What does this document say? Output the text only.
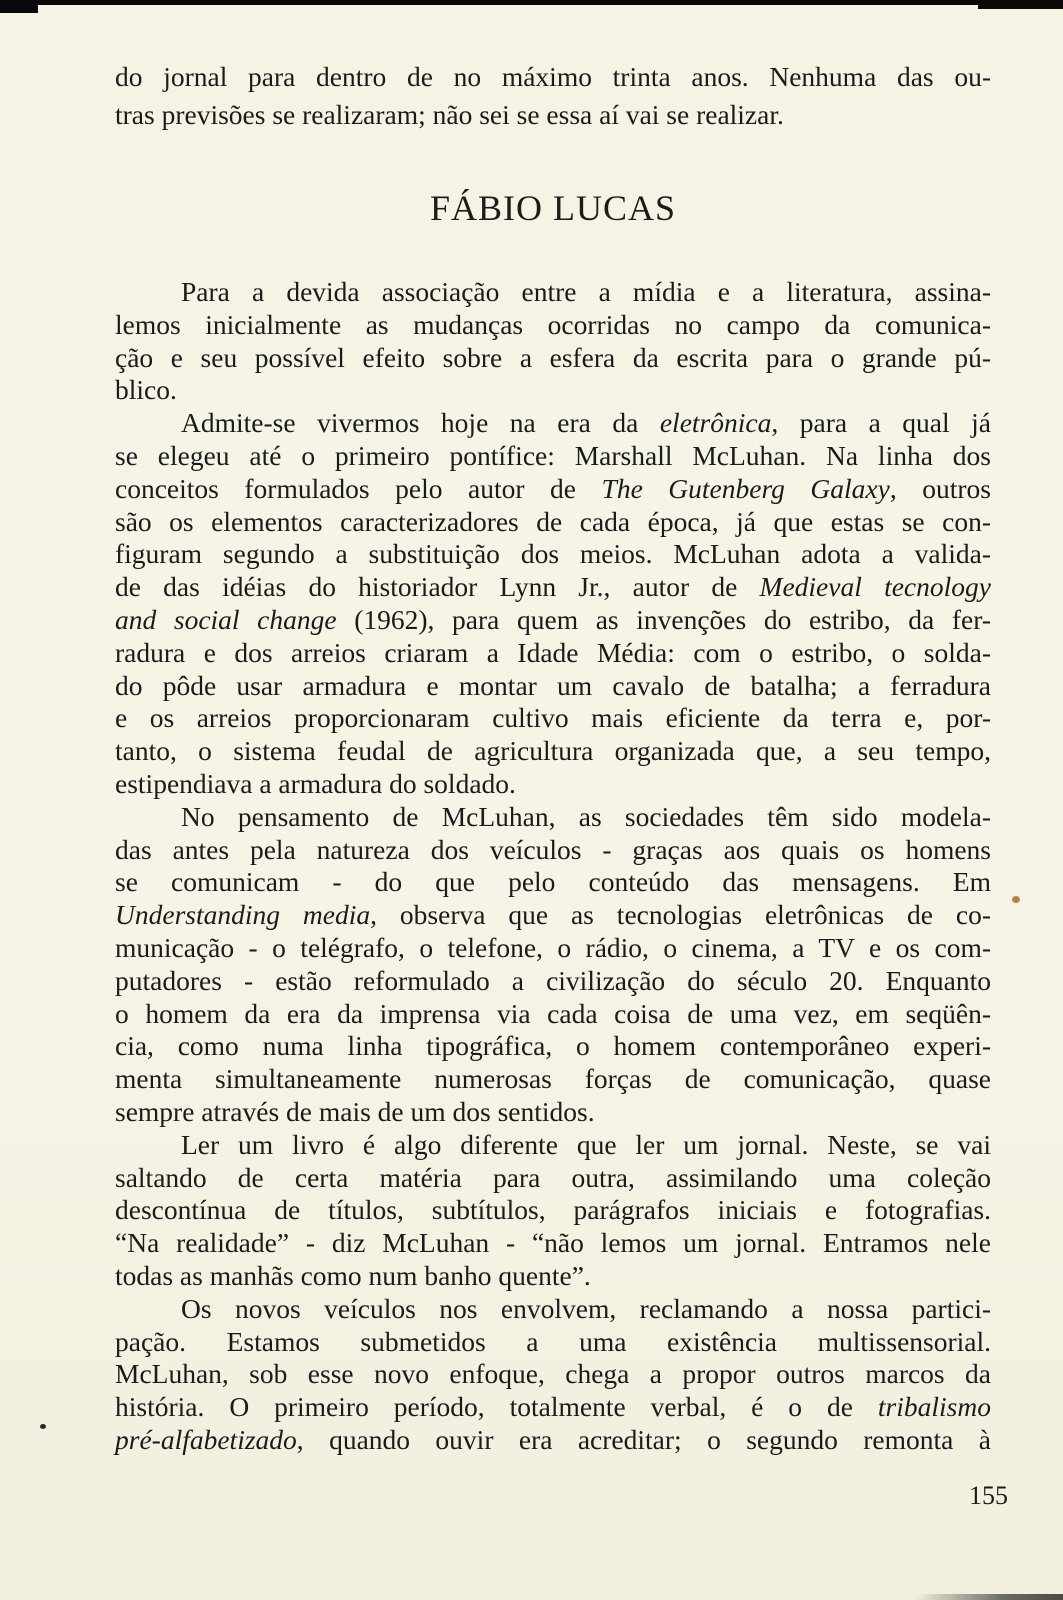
do jornal para dentro de no máximo trinta anos. Nenhuma das ou-
tras previsões se realizaram; não sei se essa aí vai se realizar.
FÁBIO LUCAS
Para a devida associação entre a mídia e a literatura, assina-
lemos inicialmente as mudanças ocorridas no campo da comunica-
ção e seu possível efeito sobre a esfera da escrita para o grande pú-
blico.
Admite-se vivermos hoje na era da eletrônica, para a qual já
se elegeu até o primeiro pontífice: Marshall McLuhan. Na linha dos
conceitos formulados pelo autor de The Gutenberg Galaxy, outros
são os elementos caracterizadores de cada época, já que estas se con-
figuram segundo a substituição dos meios. McLuhan adota a valida-
de das idéias do historiador Lynn Jr., autor de Medieval tecnology
and social change (1962), para quem as invenções do estribo, da fer-
radura e dos arreios criaram a Idade Média: com o estribo, o solda-
do pôde usar armadura e montar um cavalo de batalha; a ferradura
e os arreios proporcionaram cultivo mais eficiente da terra e, por-
tanto, o sistema feudal de agricultura organizada que, a seu tempo,
estipendiava a armadura do soldado.
No pensamento de McLuhan, as sociedades têm sido modela-
das antes pela natureza dos veículos - graças aos quais os homens
se comunicam - do que pelo conteúdo das mensagens. Em
Understanding media, observa que as tecnologias eletrônicas de co-
municação - o telégrafo, o telefone, o rádio, o cinema, a TV e os com-
putadores - estão reformulado a civilização do século 20. Enquanto
o homem da era da imprensa via cada coisa de uma vez, em seqüên-
cia, como numa linha tipográfica, o homem contemporâneo experi-
menta simultaneamente numerosas forças de comunicação, quase
sempre através de mais de um dos sentidos.
Ler um livro é algo diferente que ler um jornal. Neste, se vai
saltando de certa matéria para outra, assimilando uma coleção
descontínua de títulos, subtítulos, parágrafos iniciais e fotografias.
“Na realidade” - diz McLuhan - “não lemos um jornal. Entramos nele
todas as manhãs como num banho quente”.
Os novos veículos nos envolvem, reclamando a nossa partici-
pação. Estamos submetidos a uma existência multissensorial.
McLuhan, sob esse novo enfoque, chega a propor outros marcos da
história. O primeiro período, totalmente verbal, é o de tribalismo
pré-alfabetizado, quando ouvir era acreditar; o segundo remonta à
155
